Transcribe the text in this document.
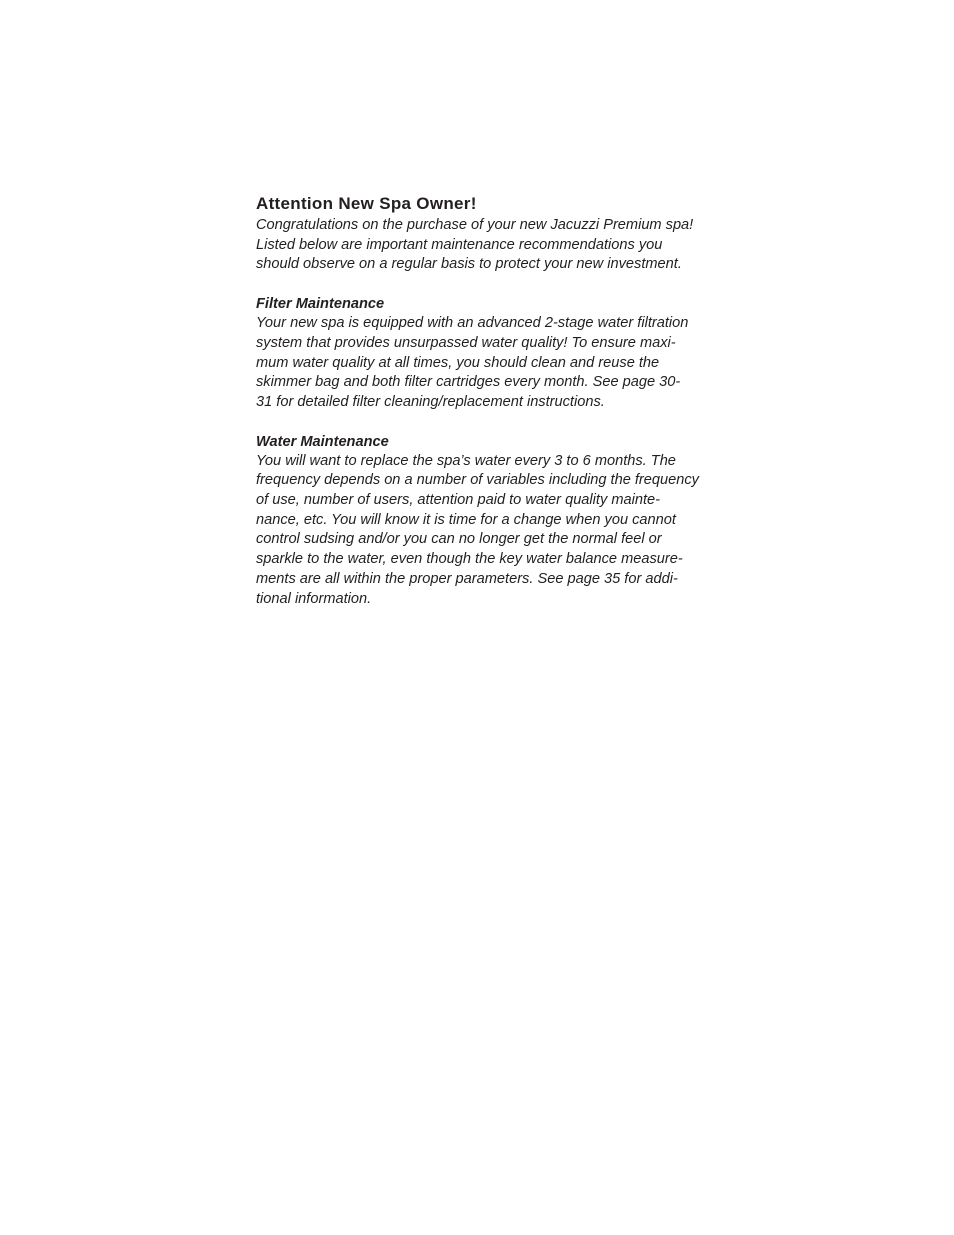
Attention New Spa Owner!

Congratulations on the purchase of your new Jacuzzi Premium spa!
Listed below are important maintenance recommendations you
should observe on a regular basis to protect your new investment.

Filter Maintenance

Your new spa is equipped with an advanced 2-stage water filtration
system that provides unsurpassed water quality! To ensure maxi-
mum water quality at all times, you should clean and reuse the
skimmer bag and both filter cartridges every month. See page 30-
31 for detailed filter cleaning/replacement instructions.

Water Maintenance

You will want to replace the spa’s water every 3 to 6 months. The
frequency depends on a number of variables including the frequency
of use, number of users, attention paid to water quality mainte-
nance, etc. You will know it is time for a change when you cannot
control sudsing and/or you can no longer get the normal feel or
sparkle to the water, even though the key water balance measure-
ments are all within the proper parameters. See page 35 for addi-
tional information.
